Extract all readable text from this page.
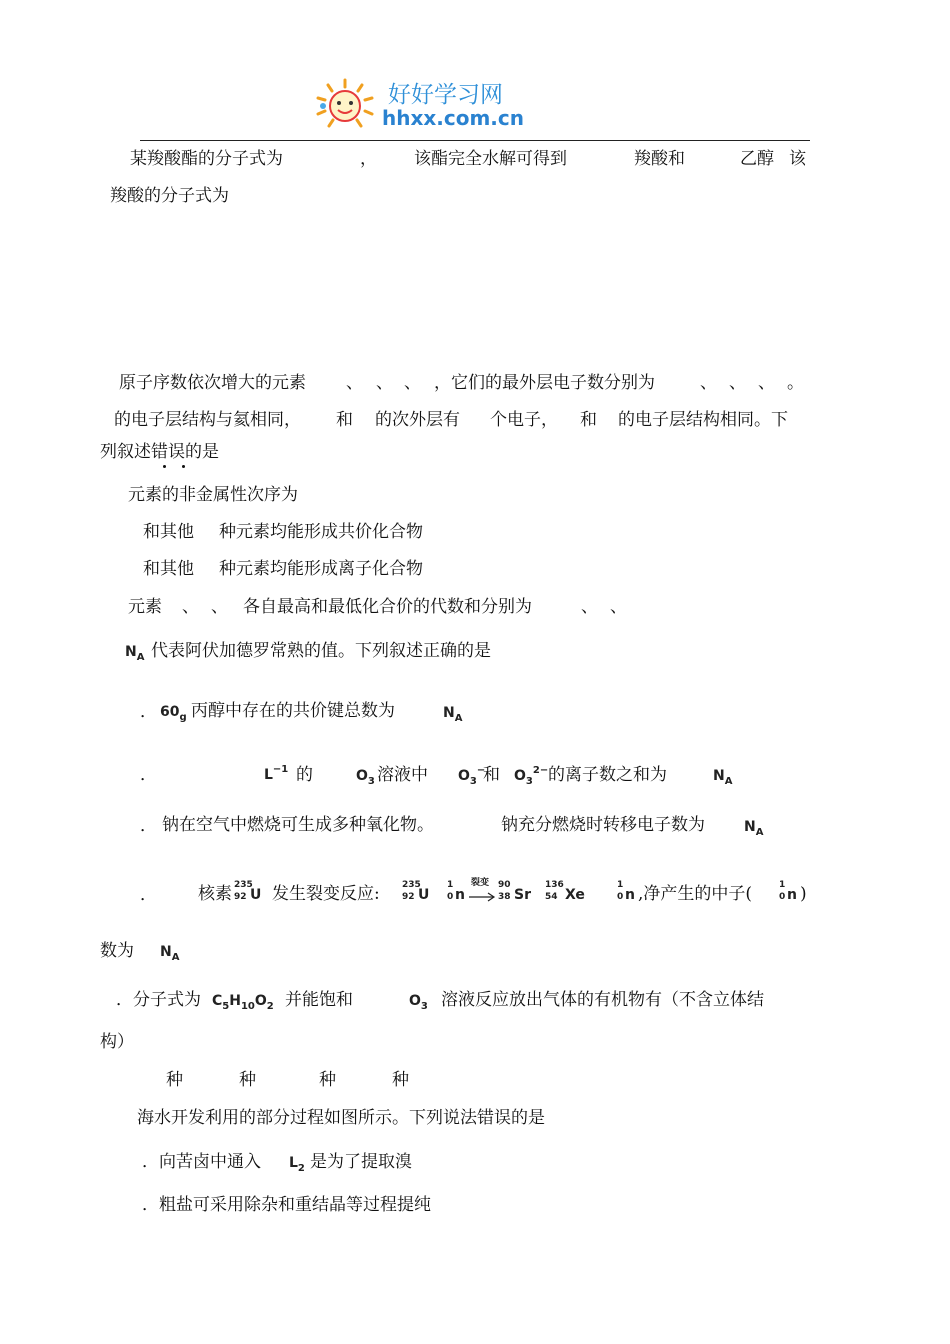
好好学习网
hhxx.com.cn
某羧酸酯的分子式为	， 该酯完全水解可得到	羧酸和	乙醇 该
羧酸的分子式为
原子序数依次增大的元素 、 、 、 ，它们的最外层电子数分别为	、 、 、 。
的电子层结构与氦相同， 和 的次外层有 个电子， 和 的电子层结构相同。下
列叙述错误的是
元素的非金属性次序为
和其他 种元素均能形成共价化合物
和其他 种元素均能形成离子化合物
元素 、 、 各自最高和最低化合价的代数和分别为	、 、
$N_A$ 代表阿伏加德罗常熟的值。下列叙述正确的是
． $60_g$ 丙醇中存在的共价键总数为	$N_A$
．	$L^{-1}$ 的	$O_3$ 溶液中 $O_3^-$
和 $O_3^{2-}$ 的离子数之和为	$N_A$
． 钠在空气中燃烧可生成多种氧化物。	钠充分燃烧时转移电子数为	$N_A$
． 核素 235
92 U 发生裂变反应: 235
92 U
1
0 n
裂变 90
38 Sr
136
54 Xe
1
0 n ,净产生的中子(	1
0 n )
数为 $N_A$
．分子式为 $C_5H_{10}O_2$ 并能饱和	$O_3$ 溶液反应放出气体的有机物有（不含立体结
构）
种	种	种	种
海水开发利用的部分过程如图所示。下列说法错误的是
．向苦卤中通入 $L_2$ 是为了提取溴
．粗盐可采用除杂和重结晶等过程提纯
